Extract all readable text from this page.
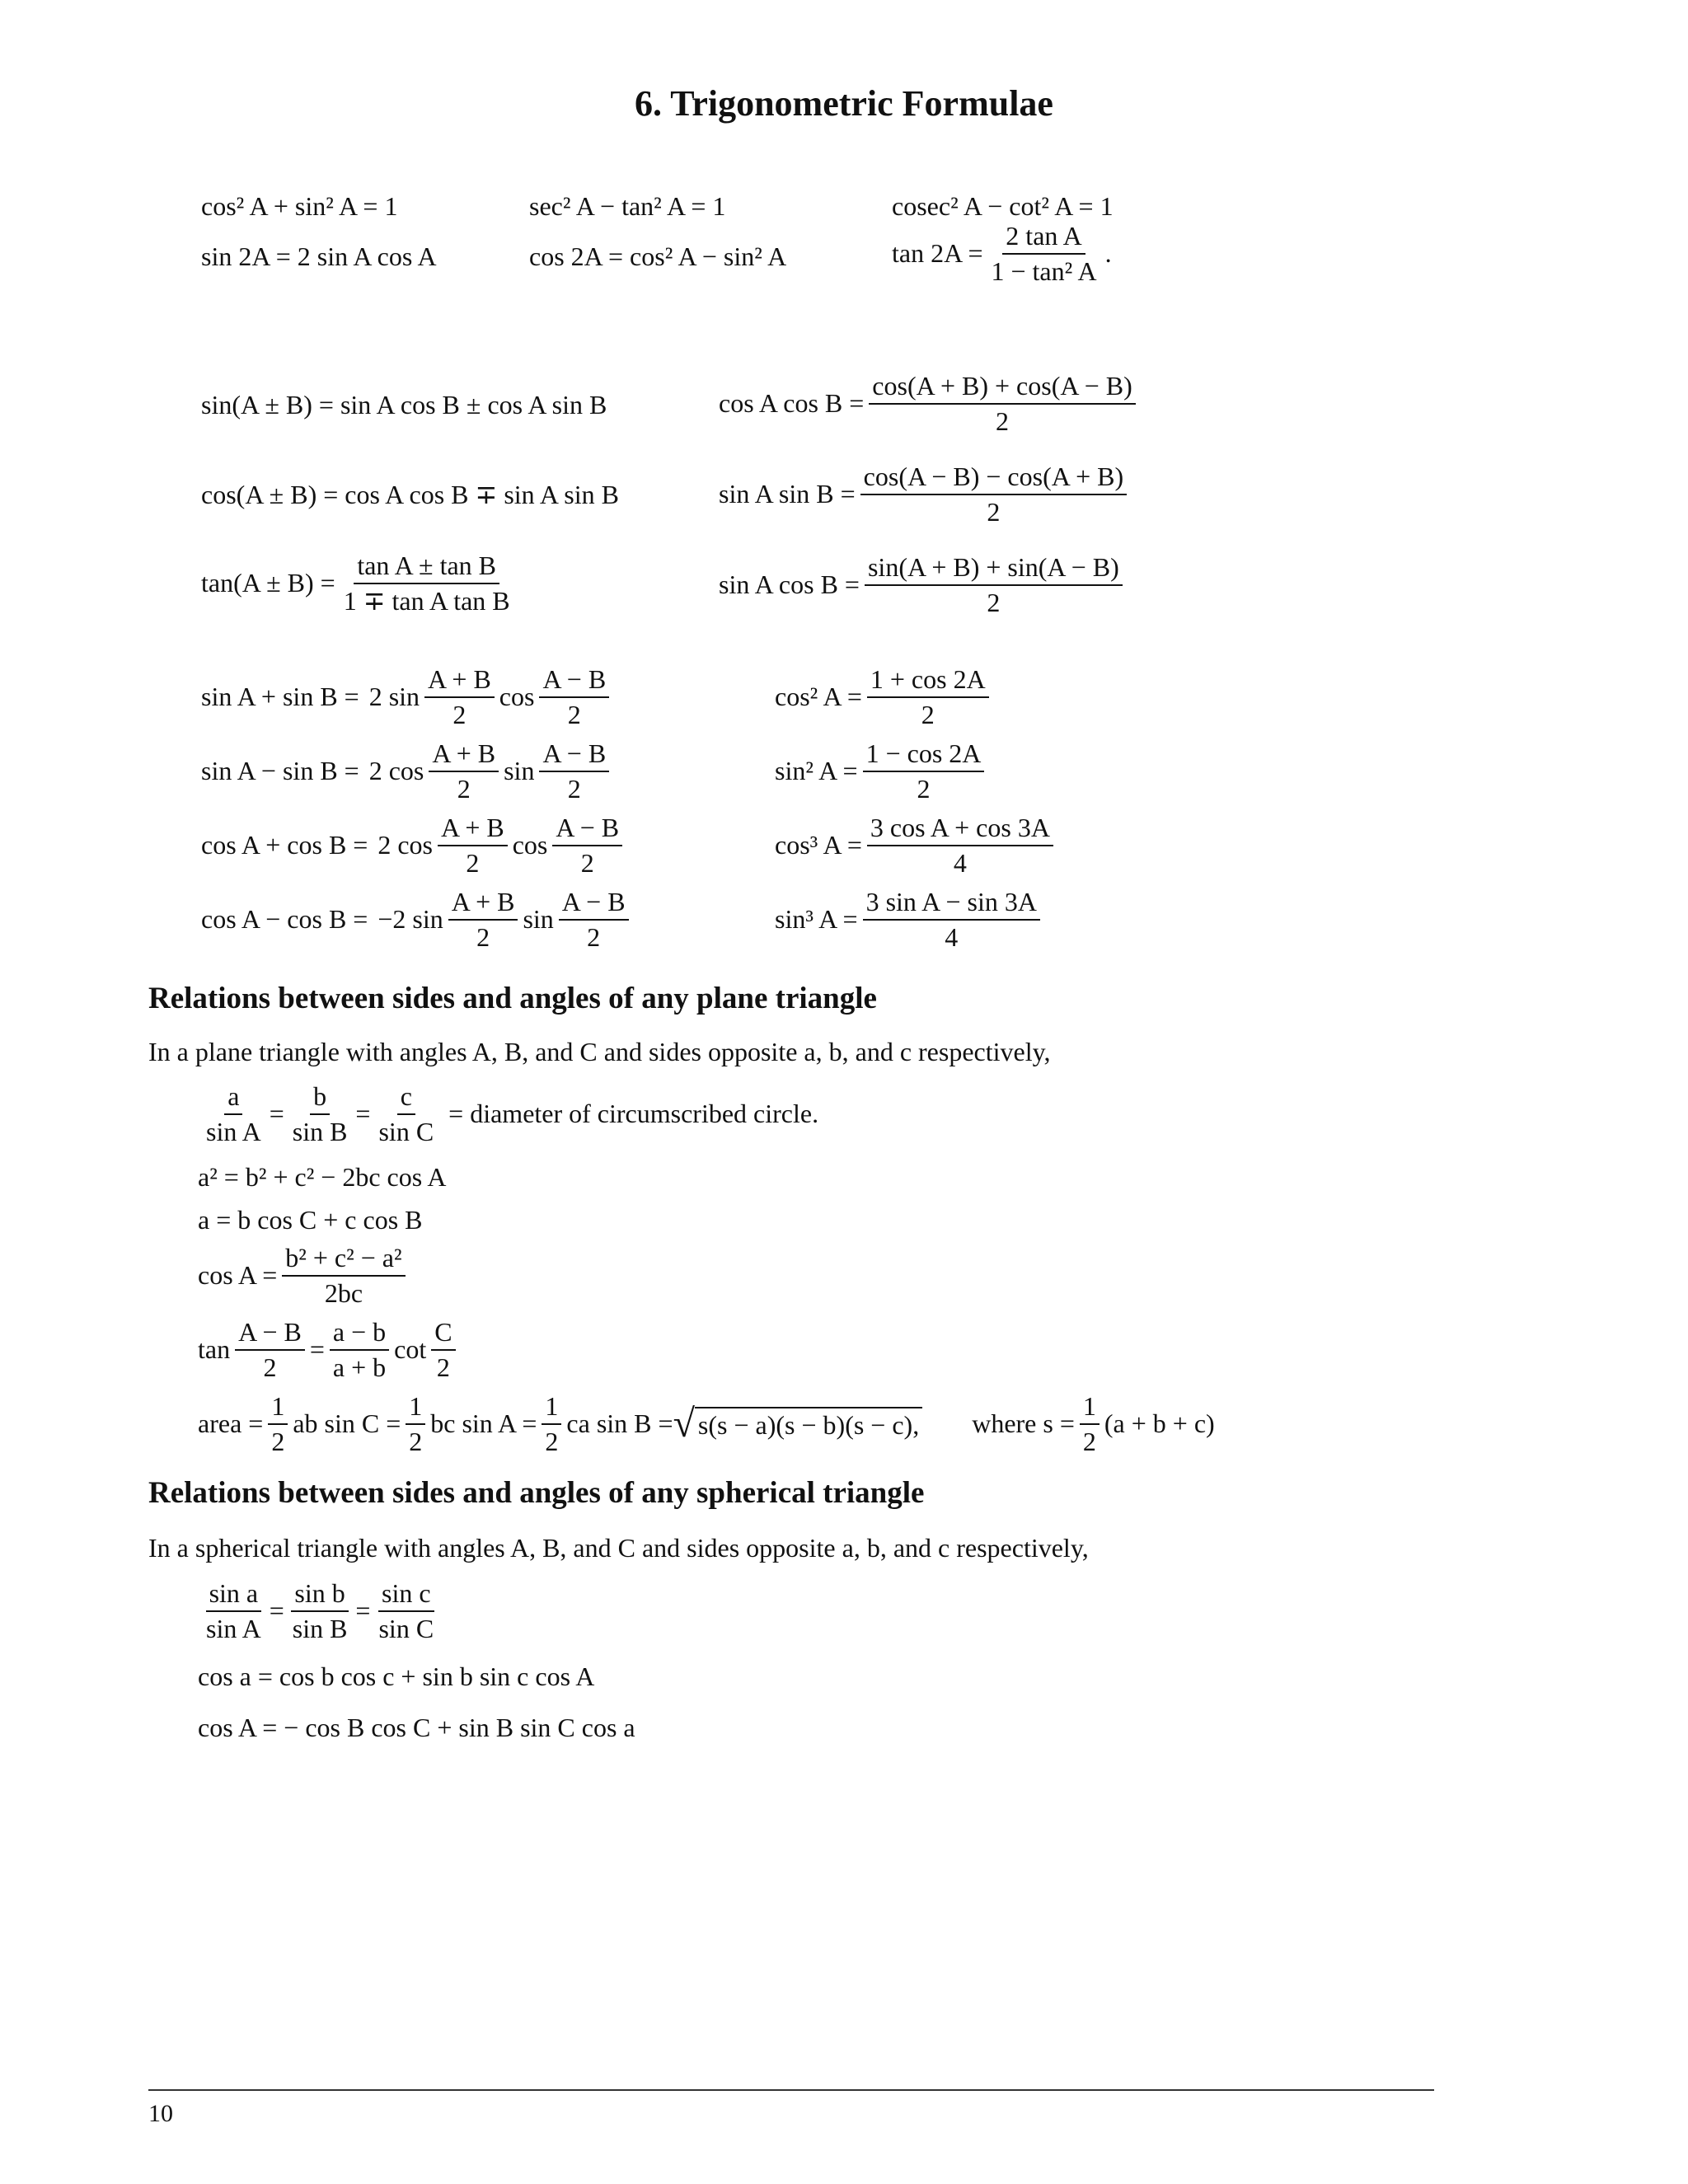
6. Trigonometric Formulae
cos² A + sin² A = 1	sec² A − tan² A = 1	cosec² A − cot² A = 1
sin 2A = 2 sin A cos A	cos 2A = cos² A − sin² A	$\tan 2A = \frac{\text{2 tan A}}{\text{1 − tan² A}}$ .
sin(A ± B) = sin A cos B ± cos A sin B
cos(A ± B) = cos A cos B ∓ sin A sin B
$\tan(A \pm B) = \frac{\text{tan A ± tan B}}{\text{1 ∓ tan A tan B}}$
cos A $\cos B = \frac{\cos(A + B) + \cos(A - B)}{2}$
sin A $\sin B = \frac{\cos(A - B) - \cos(A + B)}{2}$
sin A $\cos B = \frac{\sin(A + B) + \sin(A - B)}{2}$
sin A + sin B = 2 $\sin \frac{A + B}{2}$ $\cos \frac{A - B}{2}$
sin A − sin B = 2 $\cos \frac{A + B}{2}$ $\sin \frac{A - B}{2}$
cos A + cos B = 2 $\cos \frac{A + B}{2}$ $\cos \frac{A - B}{2}$
cos A − cos B = −2 $\sin \frac{A + B}{2}$ $\sin \frac{A - B}{2}$
cos² $A = \frac{1 + \cos 2A}{2}$
sin² $A = \frac{1 - \cos 2A}{2}$
cos³ $A = \frac{\text{3 cos A + cos 3A}}{4}$
sin³ $A = \frac{\text{3 sin A − sin 3A}}{4}$
Relations between sides and angles of any plane triangle
In a plane triangle with angles A, B, and C and sides opposite a, b, and c respectively,
$\frac{a}{\text{sin A}} = \frac{b}{\text{sin B}} = \frac{c}{\text{sin C}}$ = diameter of circumscribed circle.
a² = b² + c² − 2bc cos A
a = b cos C + c cos B
$\cos A = \frac{\text{b² + c² − a²}}{2bc}$
$\tan \frac{A - B}{2} = \frac{a - b}{a + b}$ $\cot \frac{C}{2}$
area = $\frac{1}{2}$ ab $\sin C = \frac{1}{2}$ bc $\sin A = \frac{1}{2}$ ca sin B = √ s(s − a)(s − b)(s − c), where $s = \frac{1}{2} (a + b + c)$
Relations between sides and angles of any spherical triangle
In a spherical triangle with angles A, B, and C and sides opposite a, b, and c respectively,
$\frac{\text{sin a}}{\text{sin A}} = \frac{\text{sin b}}{\text{sin B}} = \frac{\text{sin c}}{\text{sin C}}$
cos a = cos b cos c + sin b sin c cos A
cos A = − cos B cos C + sin B sin C cos a
10
